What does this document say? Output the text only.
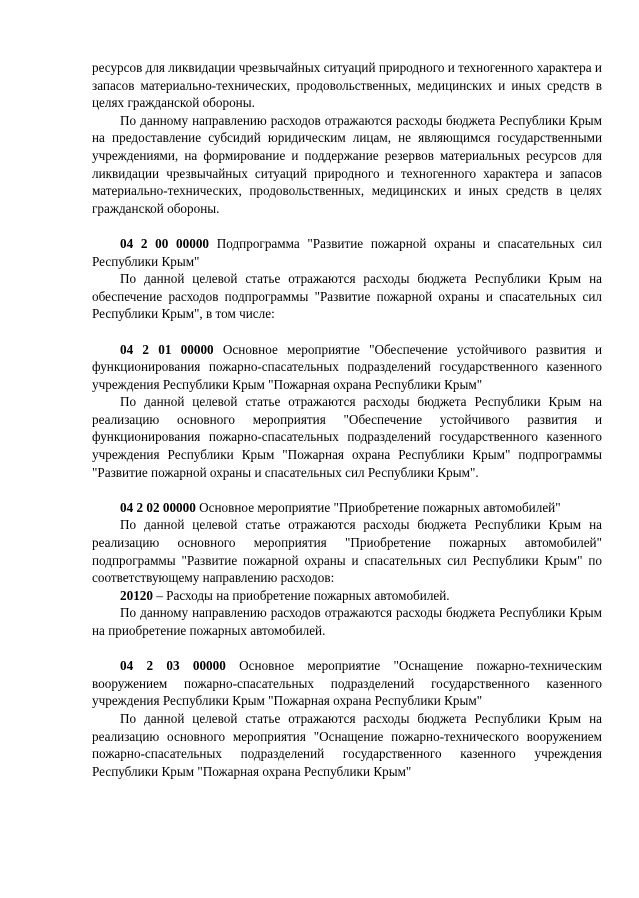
ресурсов для ликвидации чрезвычайных ситуаций природного и техногенного характера и запасов материально-технических, продовольственных, медицинских и иных средств в целях гражданской обороны.

По данному направлению расходов отражаются расходы бюджета Республики Крым на предоставление субсидий юридическим лицам, не являющимся государственными учреждениями, на формирование и поддержание резервов материальных ресурсов для ликвидации чрезвычайных ситуаций природного и техногенного характера и запасов материально-технических, продовольственных, медицинских и иных средств в целях гражданской обороны.

04 2 00 00000 Подпрограмма "Развитие пожарной охраны и спасательных сил Республики Крым"

По данной целевой статье отражаются расходы бюджета Республики Крым на обеспечение расходов подпрограммы "Развитие пожарной охраны и спасательных сил Республики Крым", в том числе:

04 2 01 00000 Основное мероприятие "Обеспечение устойчивого развития и функционирования пожарно-спасательных подразделений государственного казенного учреждения Республики Крым "Пожарная охрана Республики Крым"

По данной целевой статье отражаются расходы бюджета Республики Крым на реализацию основного мероприятия "Обеспечение устойчивого развития и функционирования пожарно-спасательных подразделений государственного казенного учреждения Республики Крым "Пожарная охрана Республики Крым" подпрограммы "Развитие пожарной охраны и спасательных сил Республики Крым".

04 2 02 00000 Основное мероприятие "Приобретение пожарных автомобилей"

По данной целевой статье отражаются расходы бюджета Республики Крым на реализацию основного мероприятия "Приобретение пожарных автомобилей" подпрограммы "Развитие пожарной охраны и спасательных сил Республики Крым" по соответствующему направлению расходов:

20120 – Расходы на приобретение пожарных автомобилей.

По данному направлению расходов отражаются расходы бюджета Республики Крым на приобретение пожарных автомобилей.

04 2 03 00000 Основное мероприятие "Оснащение пожарно-техническим вооружением пожарно-спасательных подразделений государственного казенного учреждения Республики Крым "Пожарная охрана Республики Крым"

По данной целевой статье отражаются расходы бюджета Республики Крым на реализацию основного мероприятия "Оснащение пожарно-технического вооружением пожарно-спасательных подразделений государственного казенного учреждения Республики Крым "Пожарная охрана Республики Крым"
